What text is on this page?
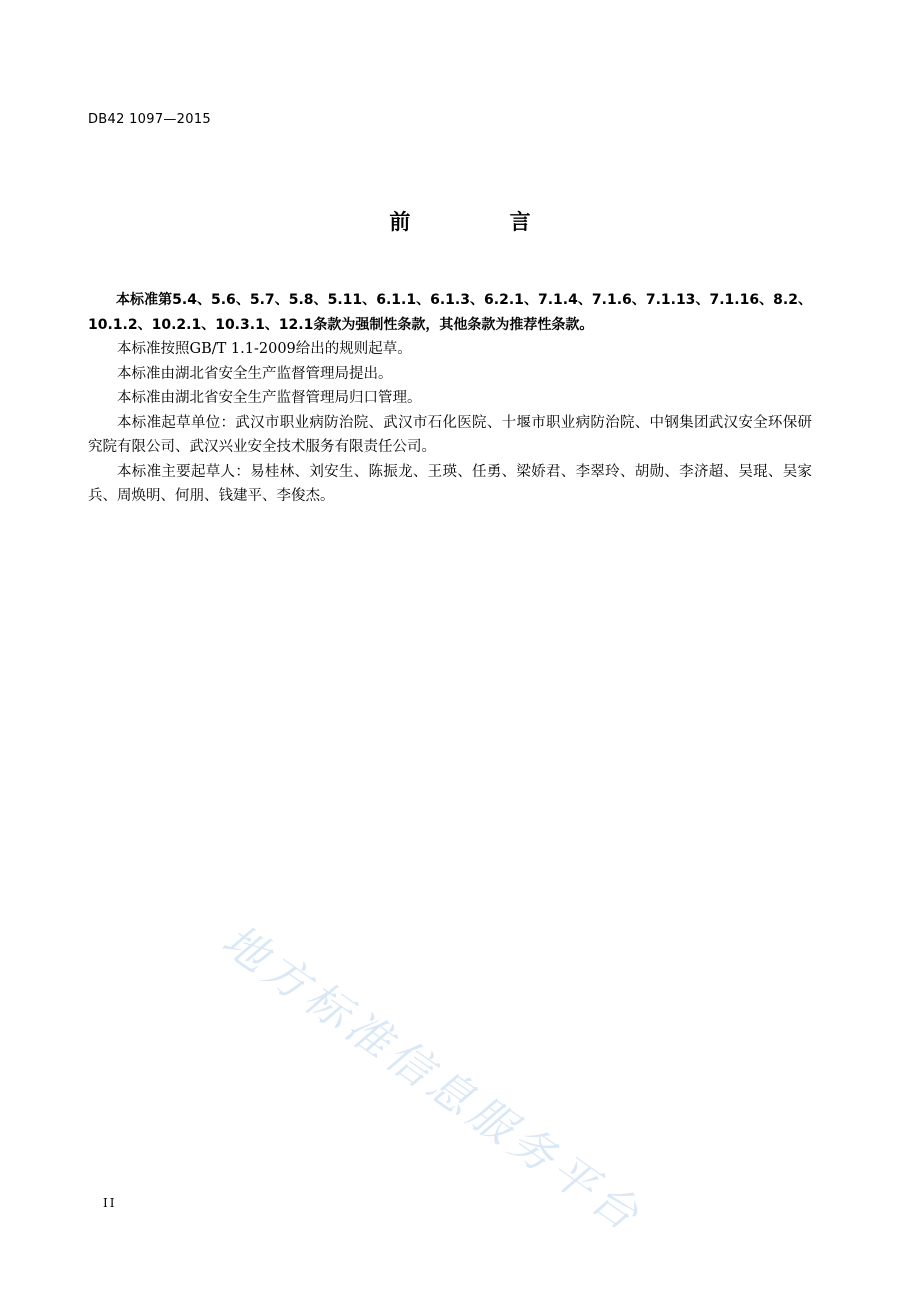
DB42 1097—2015
前 言

本标准第5.4、5.6、5.7、5.8、5.11、6.1.1、6.1.3、6.2.1、7.1.4、7.1.6、7.1.13、7.1.16、8.2、10.1.2、10.2.1、10.3.1、12.1条款为强制性条款，其他条款为推荐性条款。

本标准按照GB/T 1.1-2009给出的规则起草。

本标准由湖北省安全生产监督管理局提出。

本标准由湖北省安全生产监督管理局归口管理。

本标准起草单位：武汉市职业病防治院、武汉市石化医院、十堰市职业病防治院、中钢集团武汉安全环保研究院有限公司、武汉兴业安全技术服务有限责任公司。

本标准主要起草人：易桂林、刘安生、陈振龙、王瑛、任勇、梁娇君、李翠玲、胡勋、李济超、吴琨、吴家兵、周焕明、何朋、钱建平、李俊杰。

地方标准信息服务平台
II
